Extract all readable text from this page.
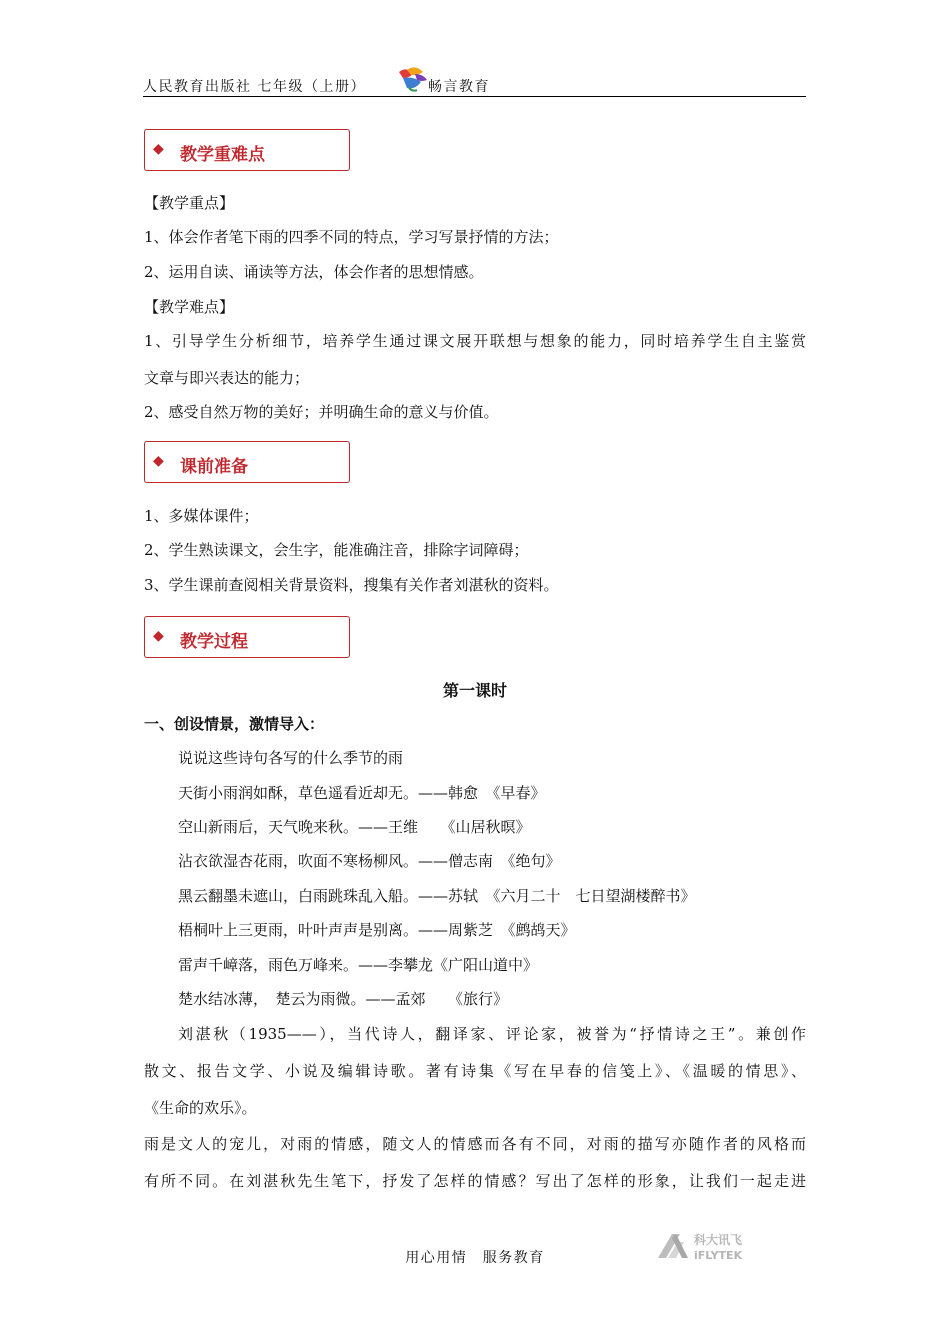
人民教育出版社 七年级（上册）	畅言教育
◆ 教学重难点
【教学重点】
1、体会作者笔下雨的四季不同的特点，学习写景抒情的方法；
2、运用自读、诵读等方法，体会作者的思想情感。
【教学难点】
1、引导学生分析细节，培养学生通过课文展开联想与想象的能力，同时培养学生自主鉴赏
文章与即兴表达的能力；
2、感受自然万物的美好；并明确生命的意义与价值。
◆ 课前准备
1、多媒体课件；
2、学生熟读课文，会生字，能准确注音，排除字词障碍；
3、学生课前查阅相关背景资料，搜集有关作者刘湛秋的资料。
◆ 教学过程
第一课时
一、创设情景，激情导入：
说说这些诗句各写的什么季节的雨
天街小雨润如酥，草色遥看近却无。——韩愈　《早春》
空山新雨后，天气晚来秋。——王维　　《山居秋暝》
沾衣欲湿杏花雨，吹面不寒杨柳风。——僧志南　《绝句》
黑云翻墨未遮山，白雨跳珠乱入船。——苏轼　《六月二十　七日望湖楼醉书》
梧桐叶上三更雨，叶叶声声是别离。——周紫芝　《鹧鸪天》
雷声千嶂落，雨色万峰来。——李攀龙《广阳山道中》
楚水结冰薄，　楚云为雨微。——孟郊　　《旅行》
刘湛秋（1935——），当代诗人，翻译家、评论家，被誉为“抒情诗之王”。兼创作
散文、报告文学、小说及编辑诗歌。著有诗集《写在早春的信笺上》、《温暖的情思》、
《生命的欢乐》。
雨是文人的宠儿，对雨的情感，随文人的情感而各有不同，对雨的描写亦随作者的风格而
有所不同。在刘湛秋先生笔下，抒发了怎样的情感？写出了怎样的形象，让我们一起走进
用心用情　服务教育
科大讯飞
iFLYTEK
